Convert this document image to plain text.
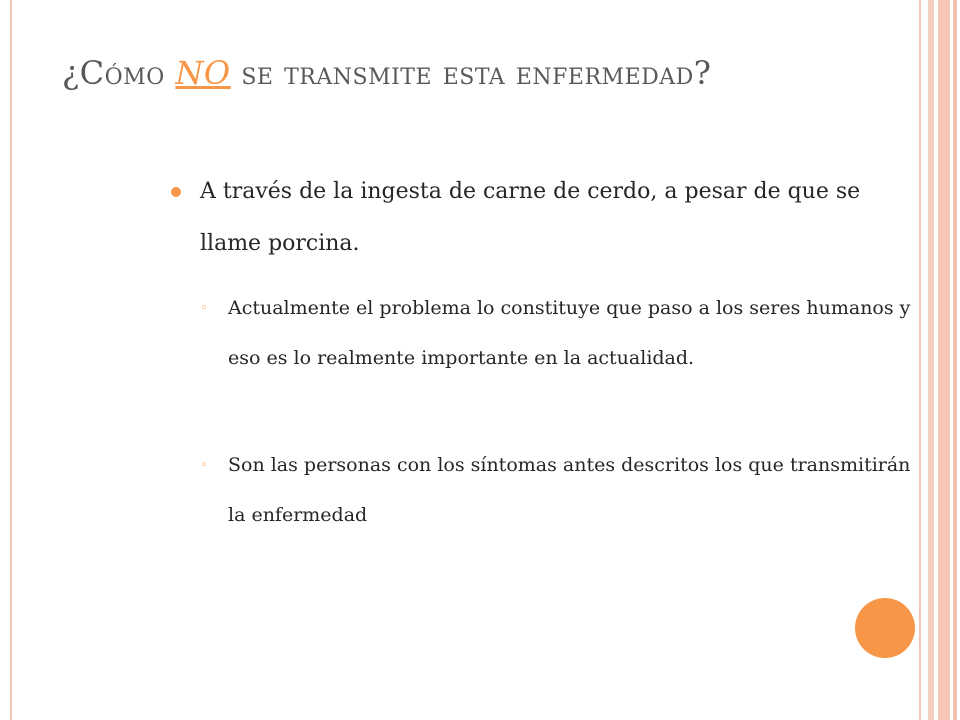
¿Cómo NO se transmite esta enfermedad?
A través de la ingesta de carne de cerdo, a pesar de que se llame porcina.
◦ Actualmente el problema lo constituye que paso a los seres humanos y eso es lo realmente importante en la actualidad.
◦ Son las personas con los síntomas antes descritos los que transmitirán la enfermedad
